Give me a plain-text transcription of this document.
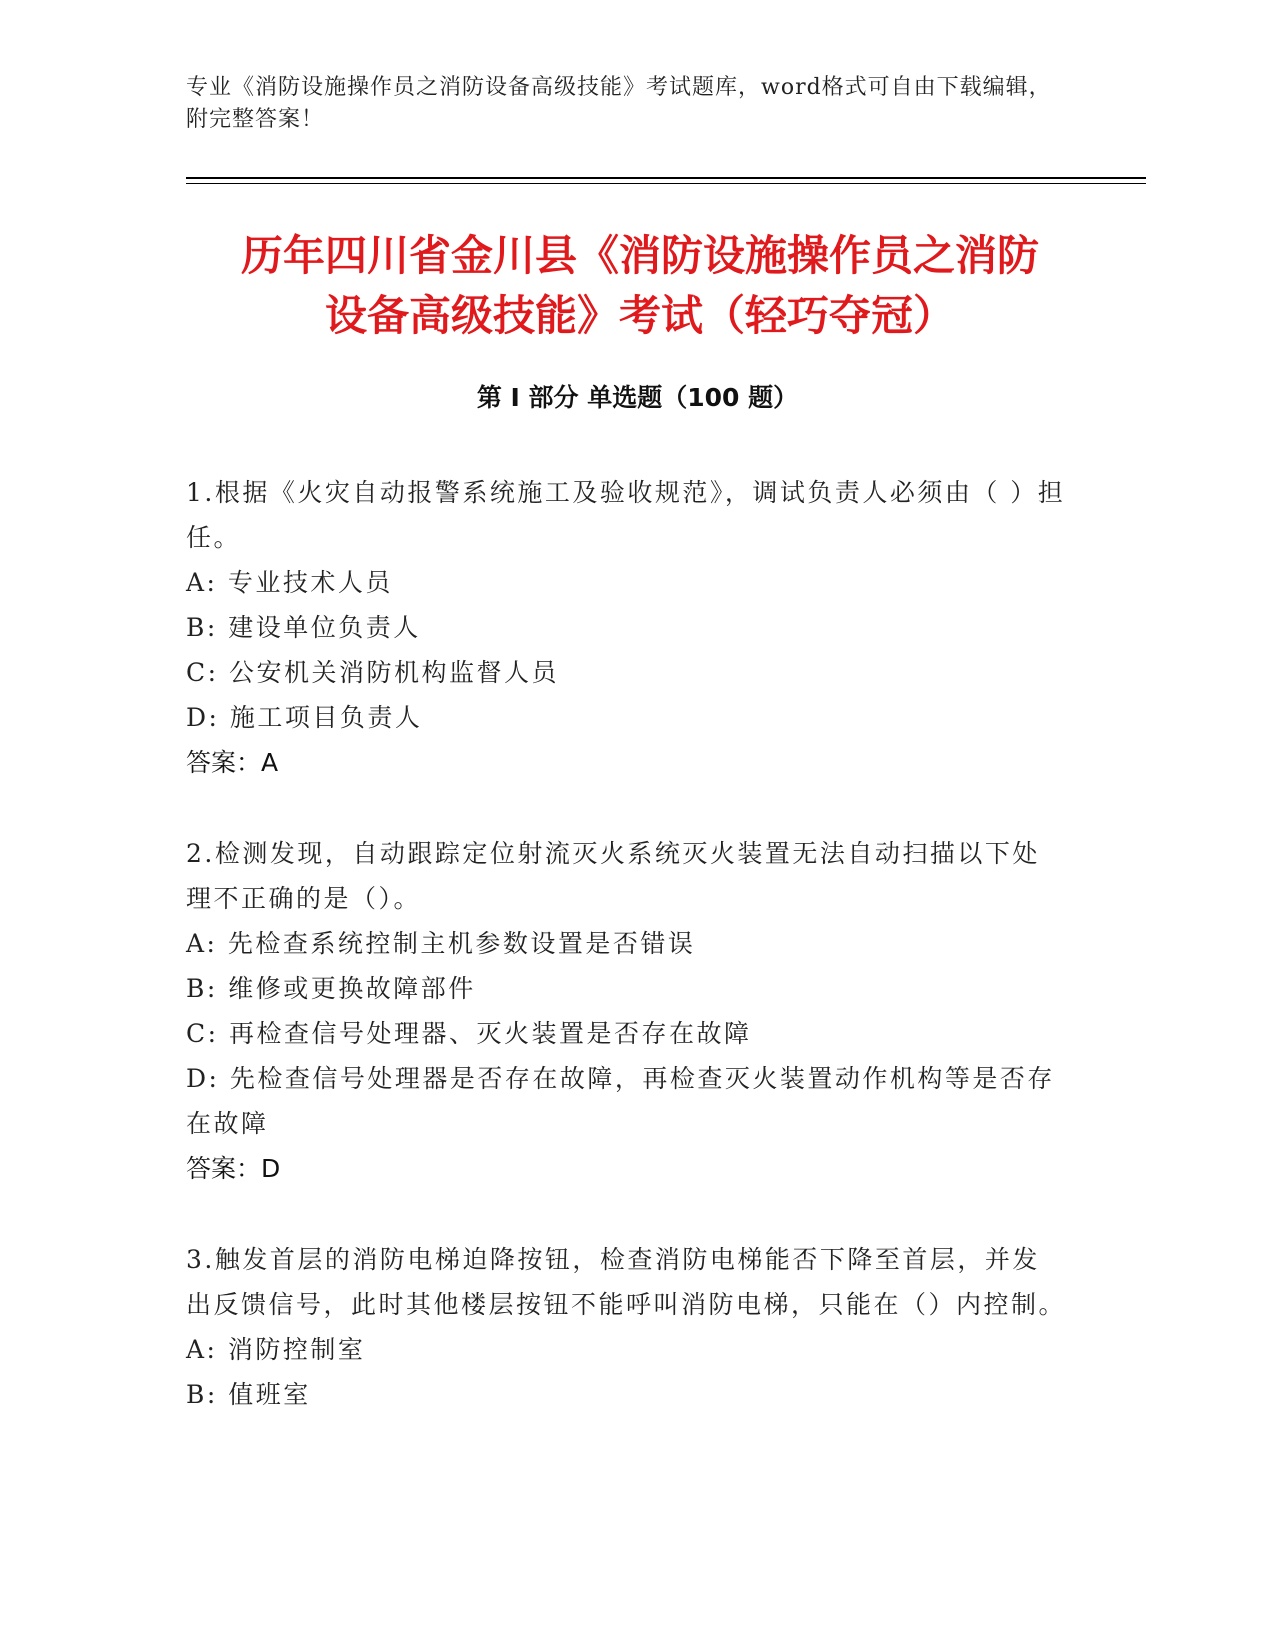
专业《消防设施操作员之消防设备高级技能》考试题库，word格式可自由下载编辑，附完整答案！
历年四川省金川县《消防设施操作员之消防
设备高级技能》考试（轻巧夺冠）
第 I 部分 单选题（100 题）

1.根据《火灾自动报警系统施工及验收规范》，调试负责人必须由（ ）担任。

A: 专业技术人员

B: 建设单位负责人

C: 公安机关消防机构监督人员

D: 施工项目负责人

答案：A

2.检测发现，自动跟踪定位射流灭火系统灭火装置无法自动扫描以下处理不正确的是（）。

A: 先检查系统控制主机参数设置是否错误

B: 维修或更换故障部件

C: 再检查信号处理器、灭火装置是否存在故障

D: 先检查信号处理器是否存在故障，再检查灭火装置动作机构等是否存在故障

答案：D

3.触发首层的消防电梯迫降按钮，检查消防电梯能否下降至首层，并发出反馈信号，此时其他楼层按钮不能呼叫消防电梯，只能在（）内控制。

A: 消防控制室

B: 值班室
